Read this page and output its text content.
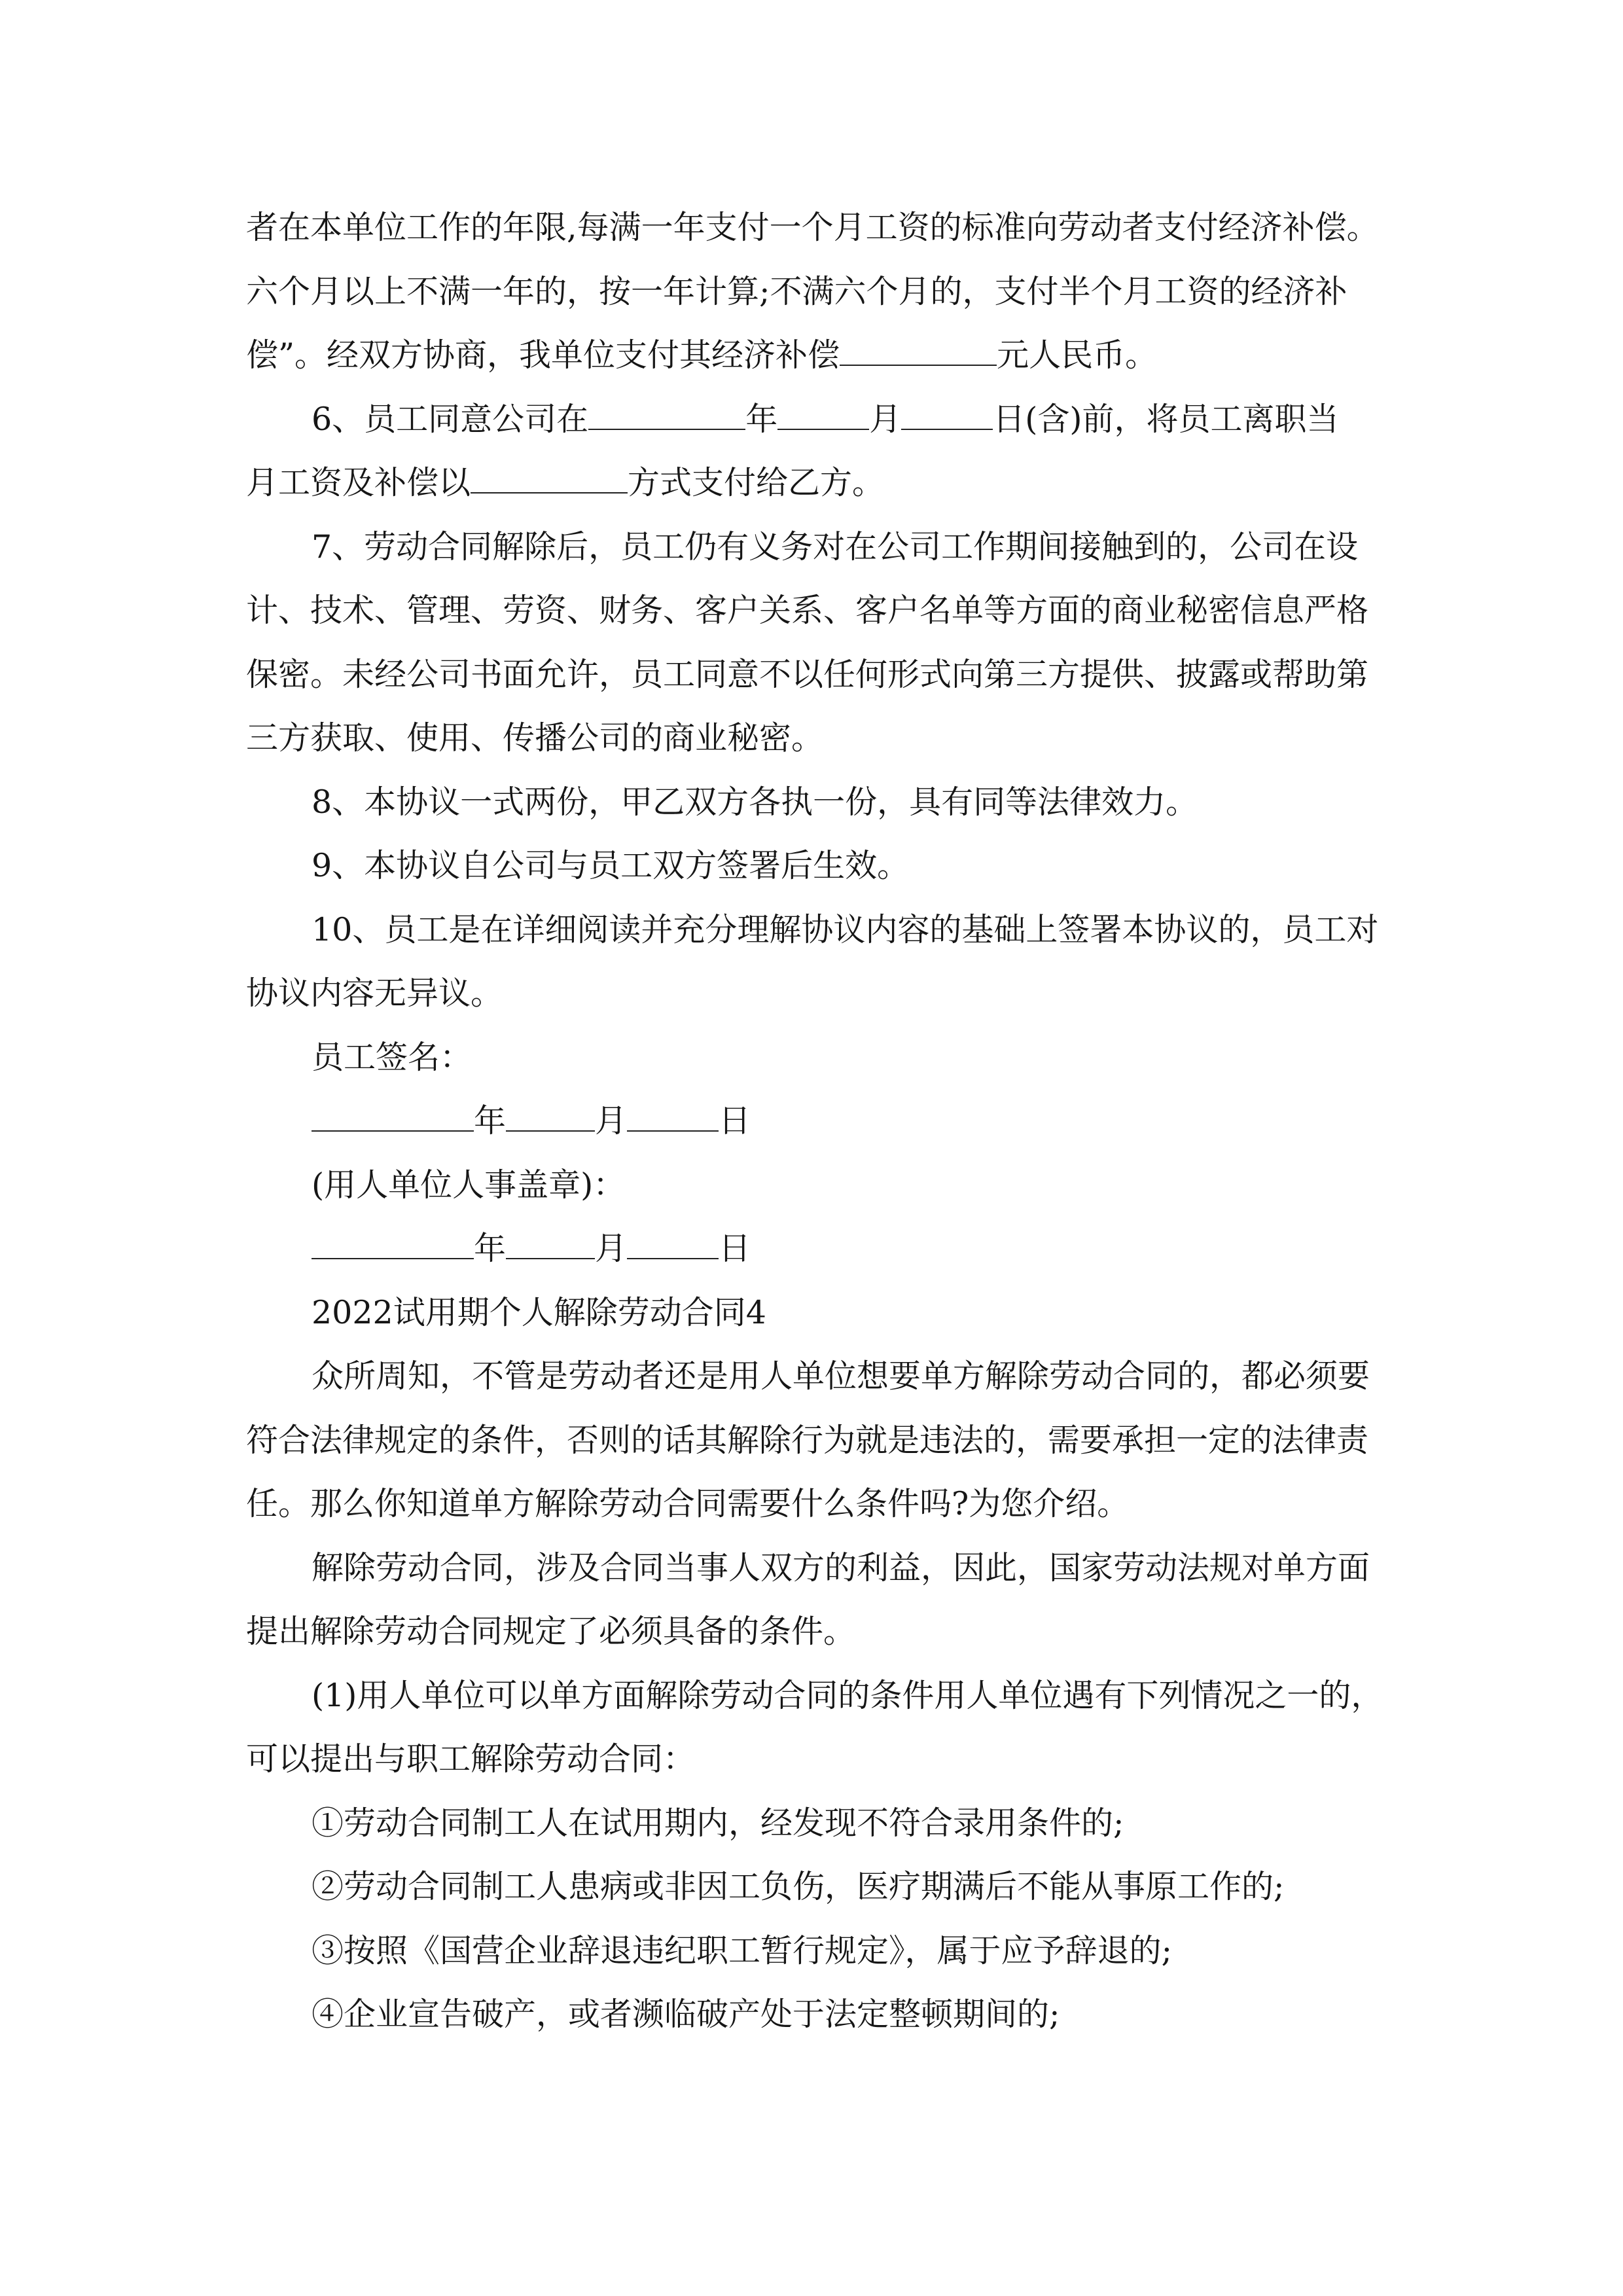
者在本单位工作的年限,每满一年支付一个月工资的标准向劳动者支付经济补偿。
六个月以上不满一年的，按一年计算;不满六个月的，支付半个月工资的经济补
偿”。经双方协商，我单位支付其经济补偿	元人民币。
6、员工同意公司在	年	月	日(含)前，将员工离职当
月工资及补偿以	方式支付给乙方。
7、劳动合同解除后，员工仍有义务对在公司工作期间接触到的，公司在设
计、技术、管理、劳资、财务、客户关系、客户名单等方面的商业秘密信息严格
保密。未经公司书面允许，员工同意不以任何形式向第三方提供、披露或帮助第
三方获取、使用、传播公司的商业秘密。
8、本协议一式两份，甲乙双方各执一份，具有同等法律效力。
9、本协议自公司与员工双方签署后生效。
10、员工是在详细阅读并充分理解协议内容的基础上签署本协议的，员工对
协议内容无异议。
员工签名：
年	月	日
(用人单位人事盖章)：
年	月	日
2022试用期个人解除劳动合同4
众所周知，不管是劳动者还是用人单位想要单方解除劳动合同的，都必须要
符合法律规定的条件，否则的话其解除行为就是违法的，需要承担一定的法律责
任。那么你知道单方解除劳动合同需要什么条件吗?为您介绍。
解除劳动合同，涉及合同当事人双方的利益，因此，国家劳动法规对单方面
提出解除劳动合同规定了必须具备的条件。
(1)用人单位可以单方面解除劳动合同的条件用人单位遇有下列情况之一的，
可以提出与职工解除劳动合同：
①劳动合同制工人在试用期内，经发现不符合录用条件的;
②劳动合同制工人患病或非因工负伤，医疗期满后不能从事原工作的;
③按照《国营企业辞退违纪职工暂行规定》，属于应予辞退的;
④企业宣告破产，或者濒临破产处于法定整顿期间的;
